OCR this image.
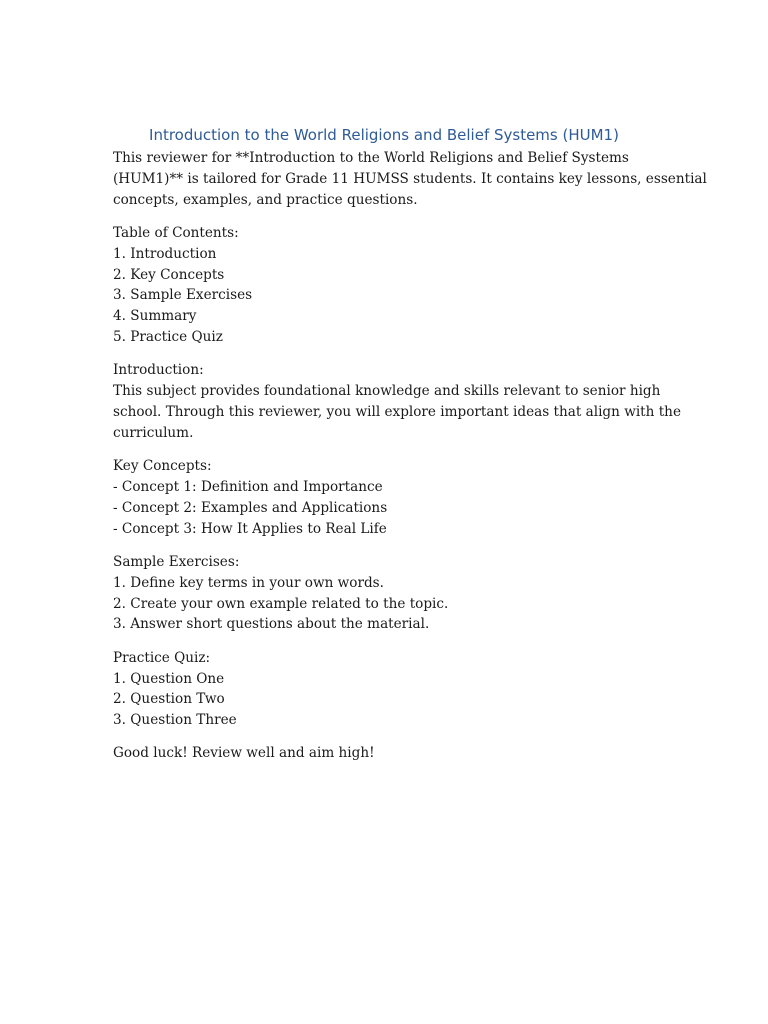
Introduction to the World Religions and Belief Systems (HUM1)

This reviewer for **Introduction to the World Religions and Belief Systems
(HUM1)** is tailored for Grade 11 HUMSS students. It contains key lessons, essential
concepts, examples, and practice questions.

Table of Contents:
1. Introduction
2. Key Concepts
3. Sample Exercises
4. Summary
5. Practice Quiz

Introduction:
This subject provides foundational knowledge and skills relevant to senior high
school. Through this reviewer, you will explore important ideas that align with the
curriculum.

Key Concepts:
- Concept 1: Definition and Importance
- Concept 2: Examples and Applications
- Concept 3: How It Applies to Real Life

Sample Exercises:
1. Define key terms in your own words.
2. Create your own example related to the topic.
3. Answer short questions about the material.

Practice Quiz:
1. Question One
2. Question Two
3. Question Three

Good luck! Review well and aim high!
